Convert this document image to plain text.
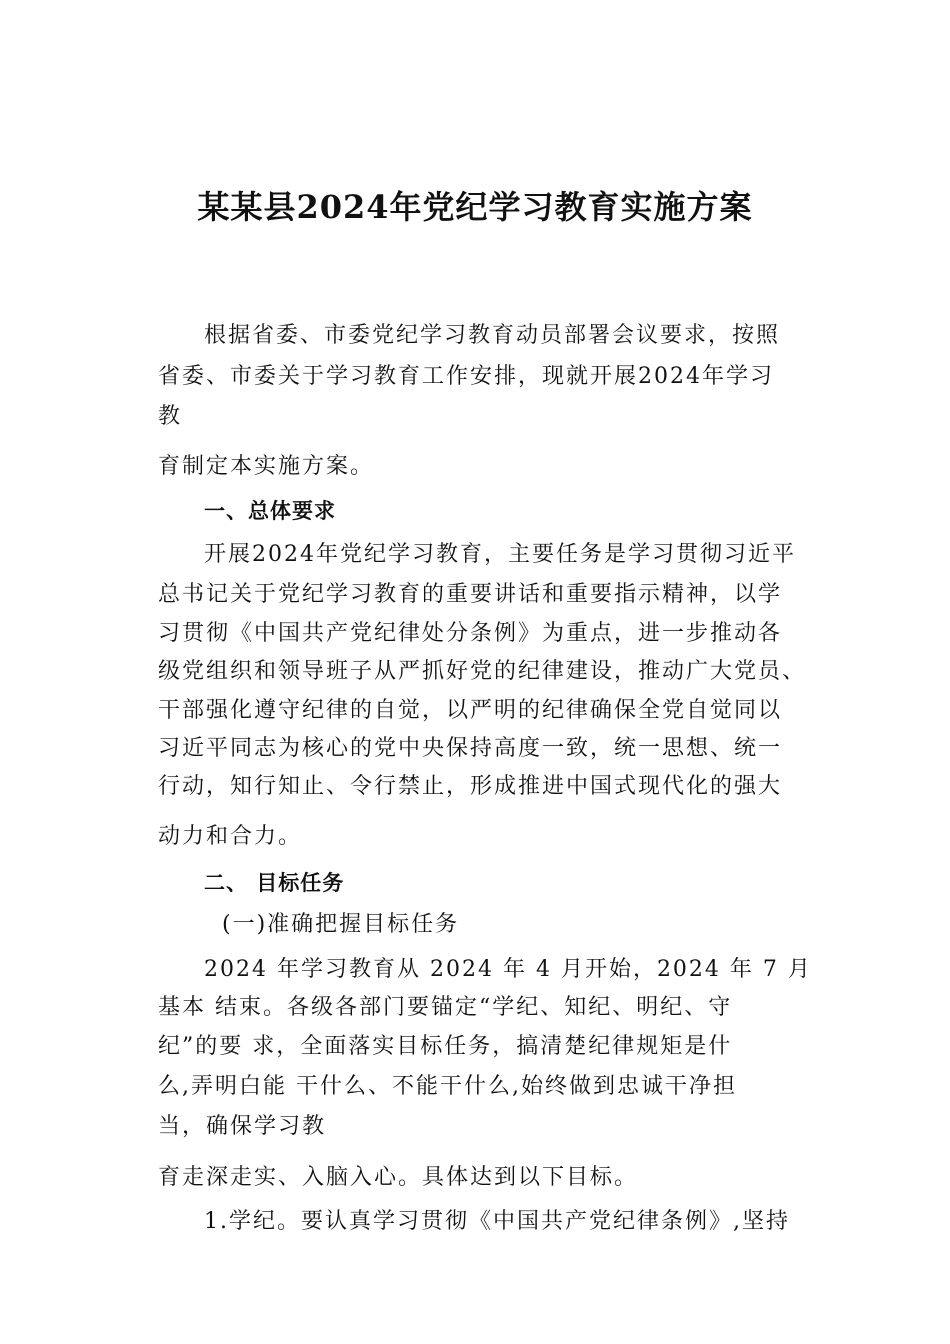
某某县2024年党纪学习教育实施方案
根据省委、市委党纪学习教育动员部署会议要求，按照
省委、市委关于学习教育工作安排，现就开展2024年学习
教
育制定本实施方案。
一、总体要求
开展2024年党纪学习教育，主要任务是学习贯彻习近平
总书记关于党纪学习教育的重要讲话和重要指示精神，以学
习贯彻《中国共产党纪律处分条例》为重点，进一步推动各
级党组织和领导班子从严抓好党的纪律建设，推动广大党员、
干部强化遵守纪律的自觉，以严明的纪律确保全党自觉同以
习近平同志为核心的党中央保持高度一致，统一思想、统一
行动，知行知止、令行禁止，形成推进中国式现代化的强大
动力和合力。
二、 目标任务
(一)准确把握目标任务
2024 年学习教育从 2024 年 4 月开始，2024 年 7 月
基本 结束。各级各部门要锚定“学纪、知纪、明纪、守
纪”的要 求，全面落实目标任务，搞清楚纪律规矩是什
么,弄明白能 干什么、不能干什么,始终做到忠诚干净担
当，确保学习教
育走深走实、入脑入心。具体达到以下目标。
1.学纪。要认真学习贯彻《中国共产党纪律条例》,坚持
